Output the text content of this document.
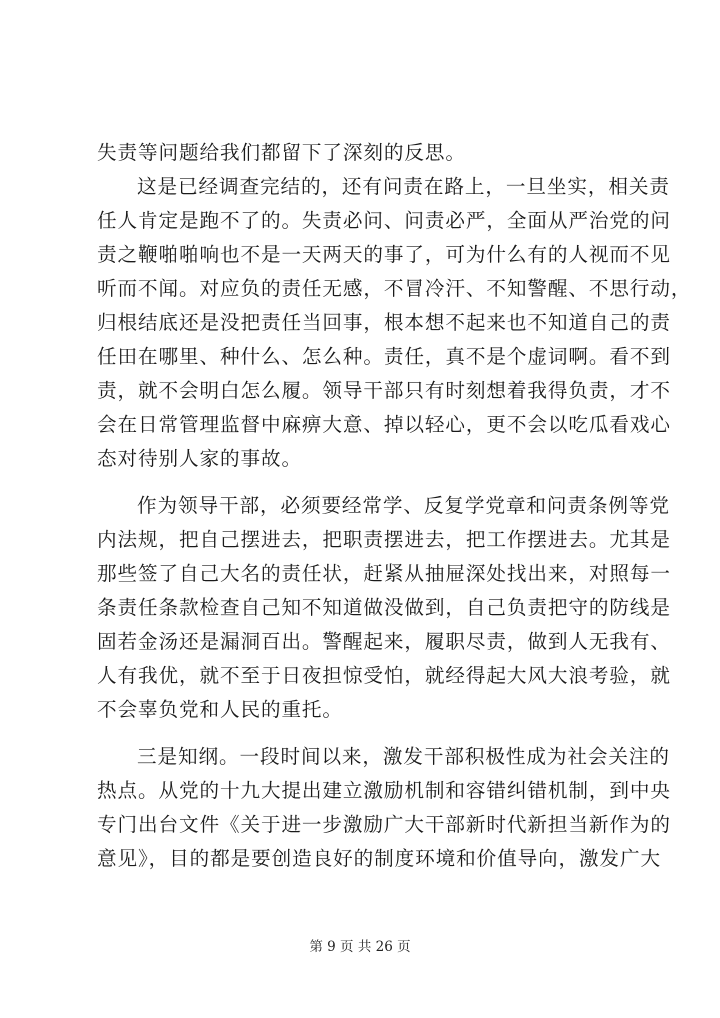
失责等问题给我们都留下了深刻的反思。
这是已经调查完结的，还有问责在路上，一旦坐实，相关责
任人肯定是跑不了的。失责必问、问责必严，全面从严治党的问
责之鞭啪啪响也不是一天两天的事了，可为什么有的人视而不见
听而不闻。对应负的责任无感，不冒冷汗、不知警醒、不思行动，
归根结底还是没把责任当回事，根本想不起来也不知道自己的责
任田在哪里、种什么、怎么种。责任，真不是个虚词啊。看不到
责，就不会明白怎么履。领导干部只有时刻想着我得负责，才不
会在日常管理监督中麻痹大意、掉以轻心，更不会以吃瓜看戏心
态对待别人家的事故。
作为领导干部，必须要经常学、反复学党章和问责条例等党
内法规，把自己摆进去，把职责摆进去，把工作摆进去。尤其是
那些签了自己大名的责任状，赶紧从抽屉深处找出来，对照每一
条责任条款检查自己知不知道做没做到，自己负责把守的防线是
固若金汤还是漏洞百出。警醒起来，履职尽责，做到人无我有、
人有我优，就不至于日夜担惊受怕，就经得起大风大浪考验，就
不会辜负党和人民的重托。
三是知纲。一段时间以来，激发干部积极性成为社会关注的
热点。从党的十九大提出建立激励机制和容错纠错机制，到中央
专门出台文件《关于进一步激励广大干部新时代新担当新作为的
意见》，目的都是要创造良好的制度环境和价值导向，激发广大
第 9 页 共 26 页
